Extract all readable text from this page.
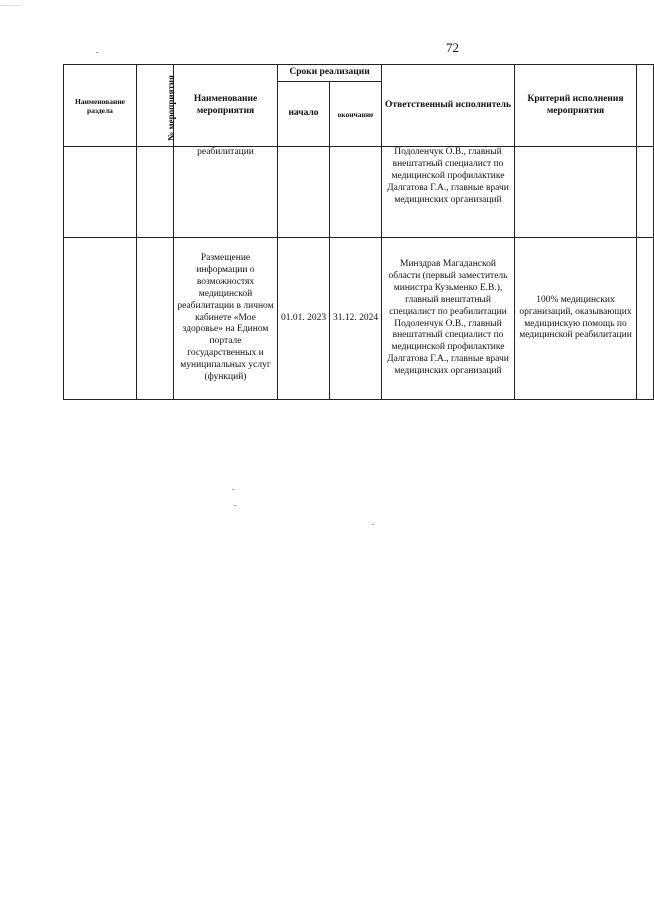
— —·
72
Наименование раздела	№ мероприятия	Наименование мероприятия	Сроки реализации		Ответственный исполнитель	Критерий исполнения мероприятия	
			начало	окончание			
		реабилитации			Подоленчук О.В., главный внештатный специалист по медицинской профилактике Далгатова Г.А., главные врачи медицинских организаций		
		Размещение информации о возможностях медицинской реабилитации в личном кабинете «Мое здоровье» на Едином портале государственных и муниципальных услуг (функций)	01.01. 2023	31.12. 2024	Минздрав Магаданской области (первый заместитель министра Кузьменко Е.В.), главный внештатный специалист по реабилитации Подоленчук О.В., главный внештатный специалист по медицинской профилактике Далгатова Г.А., главные врачи медицинских организаций	100% медицинских организаций, оказывающих медицинскую помощь по медицинской реабилитации	
